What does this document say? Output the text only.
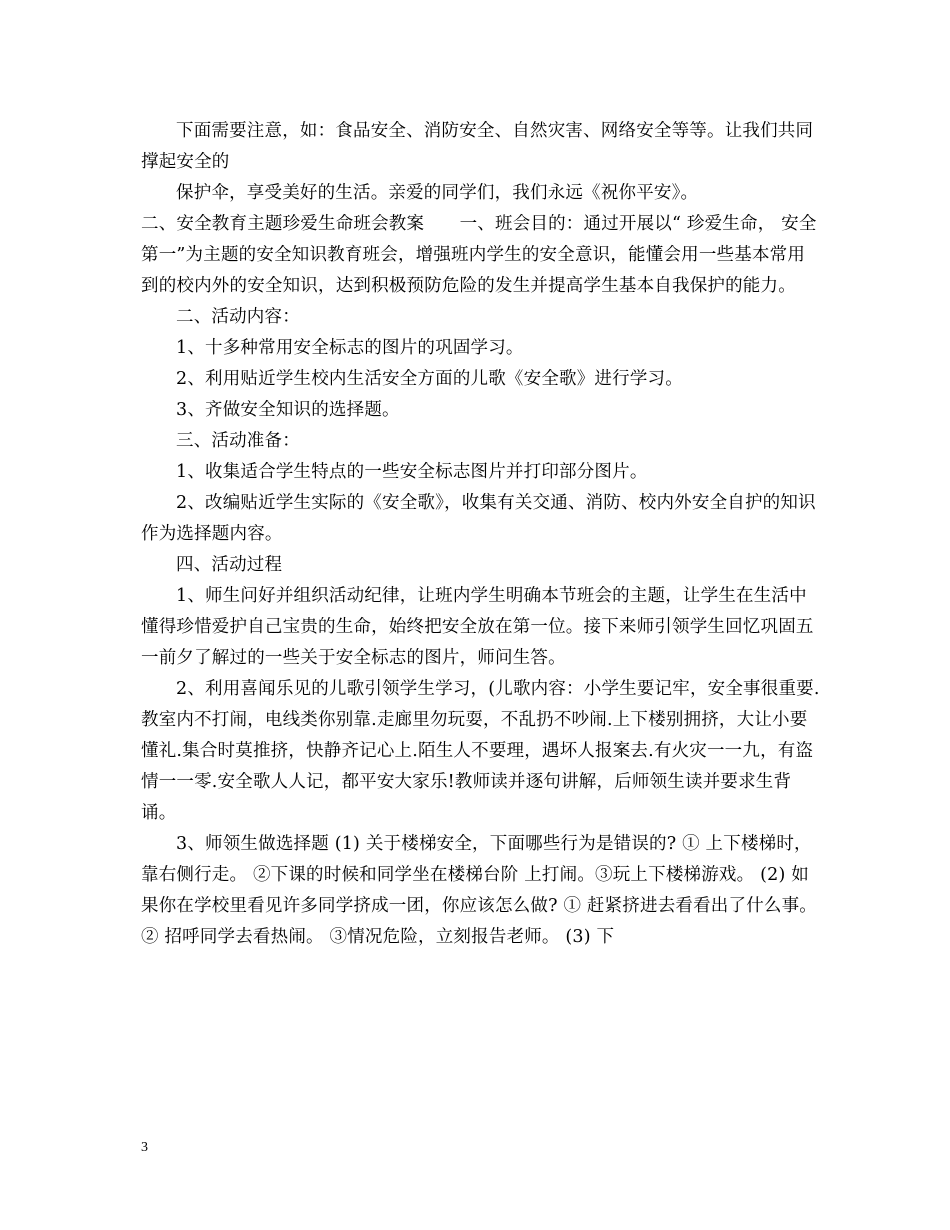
下面需要注意，如：食品安全、消防安全、自然灾害、网络安全等等。让我们共同撑起安全的

保护伞，享受美好的生活。亲爱的同学们，我们永远《祝你平安》。

二、安全教育主题珍爱生命班会教案　　一、班会目的：通过开展以“ 珍爱生命， 安全第一”为主题的安全知识教育班会，增强班内学生的安全意识，能懂会用一些基本常用到的校内外的安全知识，达到积极预防危险的发生并提高学生基本自我保护的能力。

二、活动内容：

1、十多种常用安全标志的图片的巩固学习。

2、利用贴近学生校内生活安全方面的儿歌《安全歌》进行学习。

3、齐做安全知识的选择题。

三、活动准备：

1、收集适合学生特点的一些安全标志图片并打印部分图片。

2、改编贴近学生实际的《安全歌》，收集有关交通、消防、校内外安全自护的知识作为选择题内容。

四、活动过程

1、师生问好并组织活动纪律，让班内学生明确本节班会的主题，让学生在生活中懂得珍惜爱护自己宝贵的生命，始终把安全放在第一位。接下来师引领学生回忆巩固五一前夕了解过的一些关于安全标志的图片，师问生答。

2、利用喜闻乐见的儿歌引领学生学习，(儿歌内容：小学生要记牢，安全事很重要.教室内不打闹，电线类你别靠.走廊里勿玩耍，不乱扔不吵闹.上下楼别拥挤，大让小要懂礼.集合时莫推挤，快静齐记心上.陌生人不要理，遇坏人报案去.有火灾一一九，有盗情一一零.安全歌人人记，都平安大家乐!教师读并逐句讲解，后师领生读并要求生背诵。

3、师领生做选择题 (1) 关于楼梯安全，下面哪些行为是错误的? ① 上下楼梯时，靠右侧行走。 ②下课的时候和同学坐在楼梯台阶 上打闹。③玩上下楼梯游戏。 (2) 如果你在学校里看见许多同学挤成一团，你应该怎么做? ① 赶紧挤进去看看出了什么事。 ② 招呼同学去看热闹。 ③情况危险，立刻报告老师。 (3) 下

3
